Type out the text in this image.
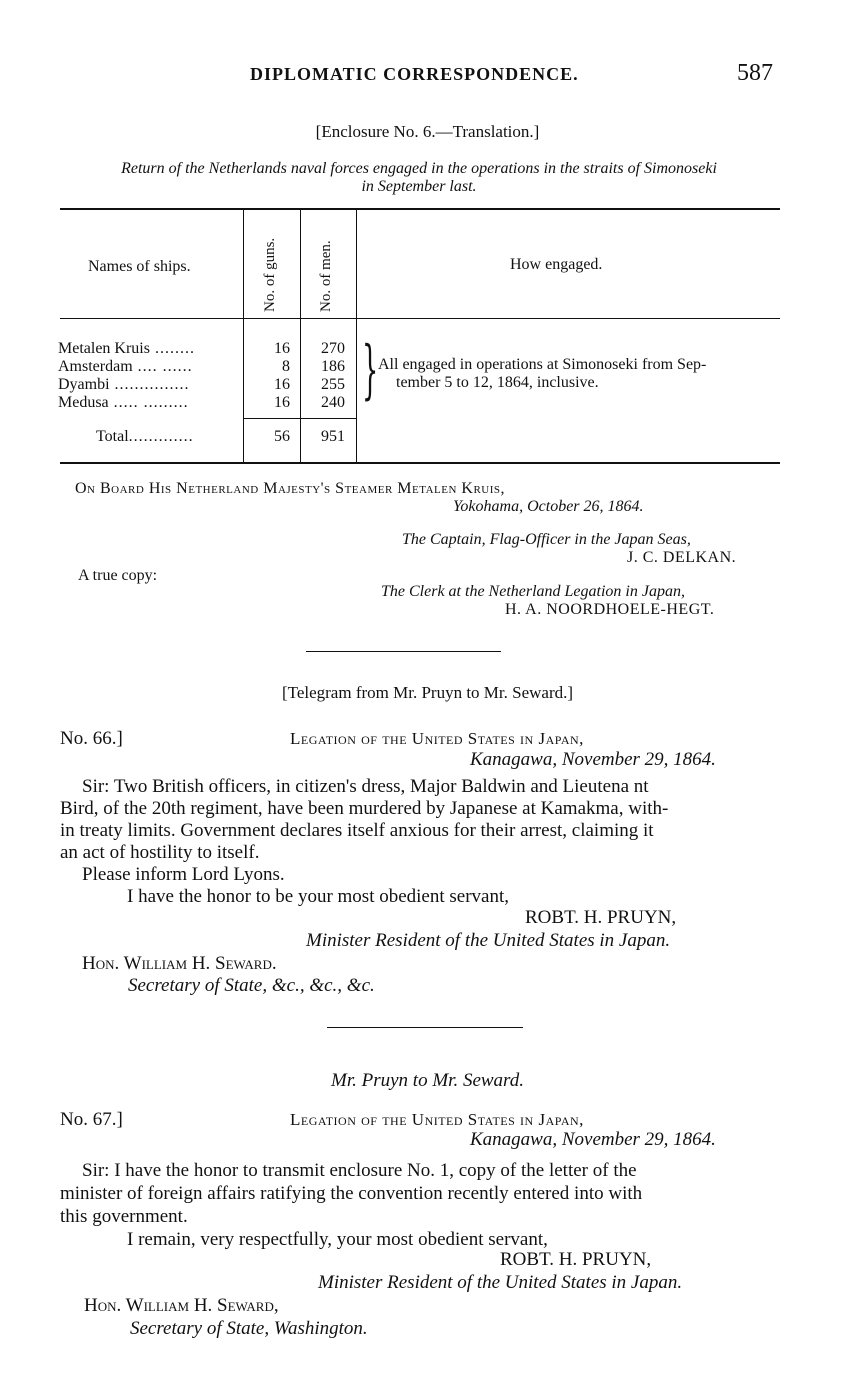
DIPLOMATIC CORRESPONDENCE.	587
[Enclosure No. 6.—Translation.]
Return of the Netherlands naval forces engaged in the operations in the straits of Simonoseki
in September last.
Names of ships.	No. of guns.	No. of men.	How engaged.
Metalen Kruis ........	16	270
Amsterdam .... ......	8	186
Dyambi ...............	16	255
Medusa ..... .........	16	240 } All engaged in operations at Simonoseki from Sep-
tember 5 to 12, 1864, inclusive.
Total.............	56	951
On Board His Netherland Majesty's Steamer Metalen Kruis,
Yokohama, October 26, 1864.
The Captain, Flag-Officer in the Japan Seas,
J. C. DELKAN.
A true copy:
The Clerk at the Netherland Legation in Japan,
H. A. NOORDHOELE-HEGT.
[Telegram from Mr. Pruyn to Mr. Seward.]
No. 66.]	Legation of the United States in Japan,
Kanagawa, November 29, 1864.
Sir: Two British officers, in citizen's dress, Major Baldwin and Lieutena nt
Bird, of the 20th regiment, have been murdered by Japanese at Kamakma, with-
in treaty limits. Government declares itself anxious for their arrest, claiming it
an act of hostility to itself.
Please inform Lord Lyons.
I have the honor to be your most obedient servant,
ROBT. H. PRUYN,
Minister Resident of the United States in Japan.
Hon. William H. Seward.
Secretary of State, &c., &c., &c.
Mr. Pruyn to Mr. Seward.
No. 67.]	Legation of the United States in Japan,
Kanagawa, November 29, 1864.
Sir: I have the honor to transmit enclosure No. 1, copy of the letter of the
minister of foreign affairs ratifying the convention recently entered into with
this government.
I remain, very respectfully, your most obedient servant,
ROBT. H. PRUYN,
Minister Resident of the United States in Japan.
Hon. William H. Seward,
Secretary of State, Washington.
